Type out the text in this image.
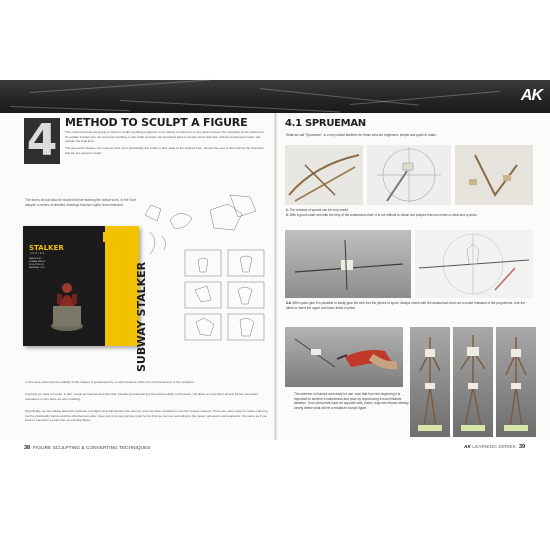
AK
4 METHOD TO SCULPT A FIGURE

The method that we are going to show to sculpt anything (a figurine or an object) is based on a very clear concept: the simplicity of the initial form. To explain it better you can see how anything, in the initial concept, can be traced back to simple forms that then with the subsequent work, will acquire the final form.

The geometric shapes, the volumes and more specifically the solids in fact relate to the stylized form, almost the soul of what will be the final form that we are going to sculpt.

The forms should also be studied before starting the actual work. In the SoH sample, a series of detailed drawings that are highly recommended

STALKER
SERIES
PAINTED BY
ROMAN BACKS
SCULPTED BY
ANDREA LOTH	SUBWAY STALKER

In this case obviously the stability of the shapes is guaranteed by a solid structure within the real framework of the sculpture.

Anything we want to model, in fact, needs an internal structure that, besides guaranteeing a structural solidity to the piece, will allow us to perform at best all the necessary operations on the base we are modeling.

Specifically, we are talking about the skeleton of a figure that will become the dummy once we have modelled it over the muscle masses. There are many ways to make a dummy, but the practicality before and the effectiveness after, have led us to use just two main forms that we can use according to the cases: spruewire and academic, the same as if you want to transform a pose from an existing figure.

4.1 SPRUEMAN

What we call "Sprueman", is a very useful skeleton for those who are beginners, simple and quick to make.

1. The remains of sprues can be very useful.

2. With a good cutter and with the help of the anatomical chart, it is not difficult to obtain two shapes that can mimic a chest and a pelvis.

3-6. With cyano glue it is possible to easily glue the wire into the pieces of sprue. Always check with the anatomical chart not to make mistakes in the proportions. Use the pliers to insert the upper and lower limbs in place.

The skeleton is finished and ready for use. note that from the beginning it is important to achieve a naturalness and pose by reproducing a real miniature skeleton. Torso and pelvis have an opposite axis, knees, legs and elbows already clearly define what will be a miniature human figure.

38 FIGURE SCULPTING & CONVERTING TECHNIQUES	AK LEARNING SERIES 39
